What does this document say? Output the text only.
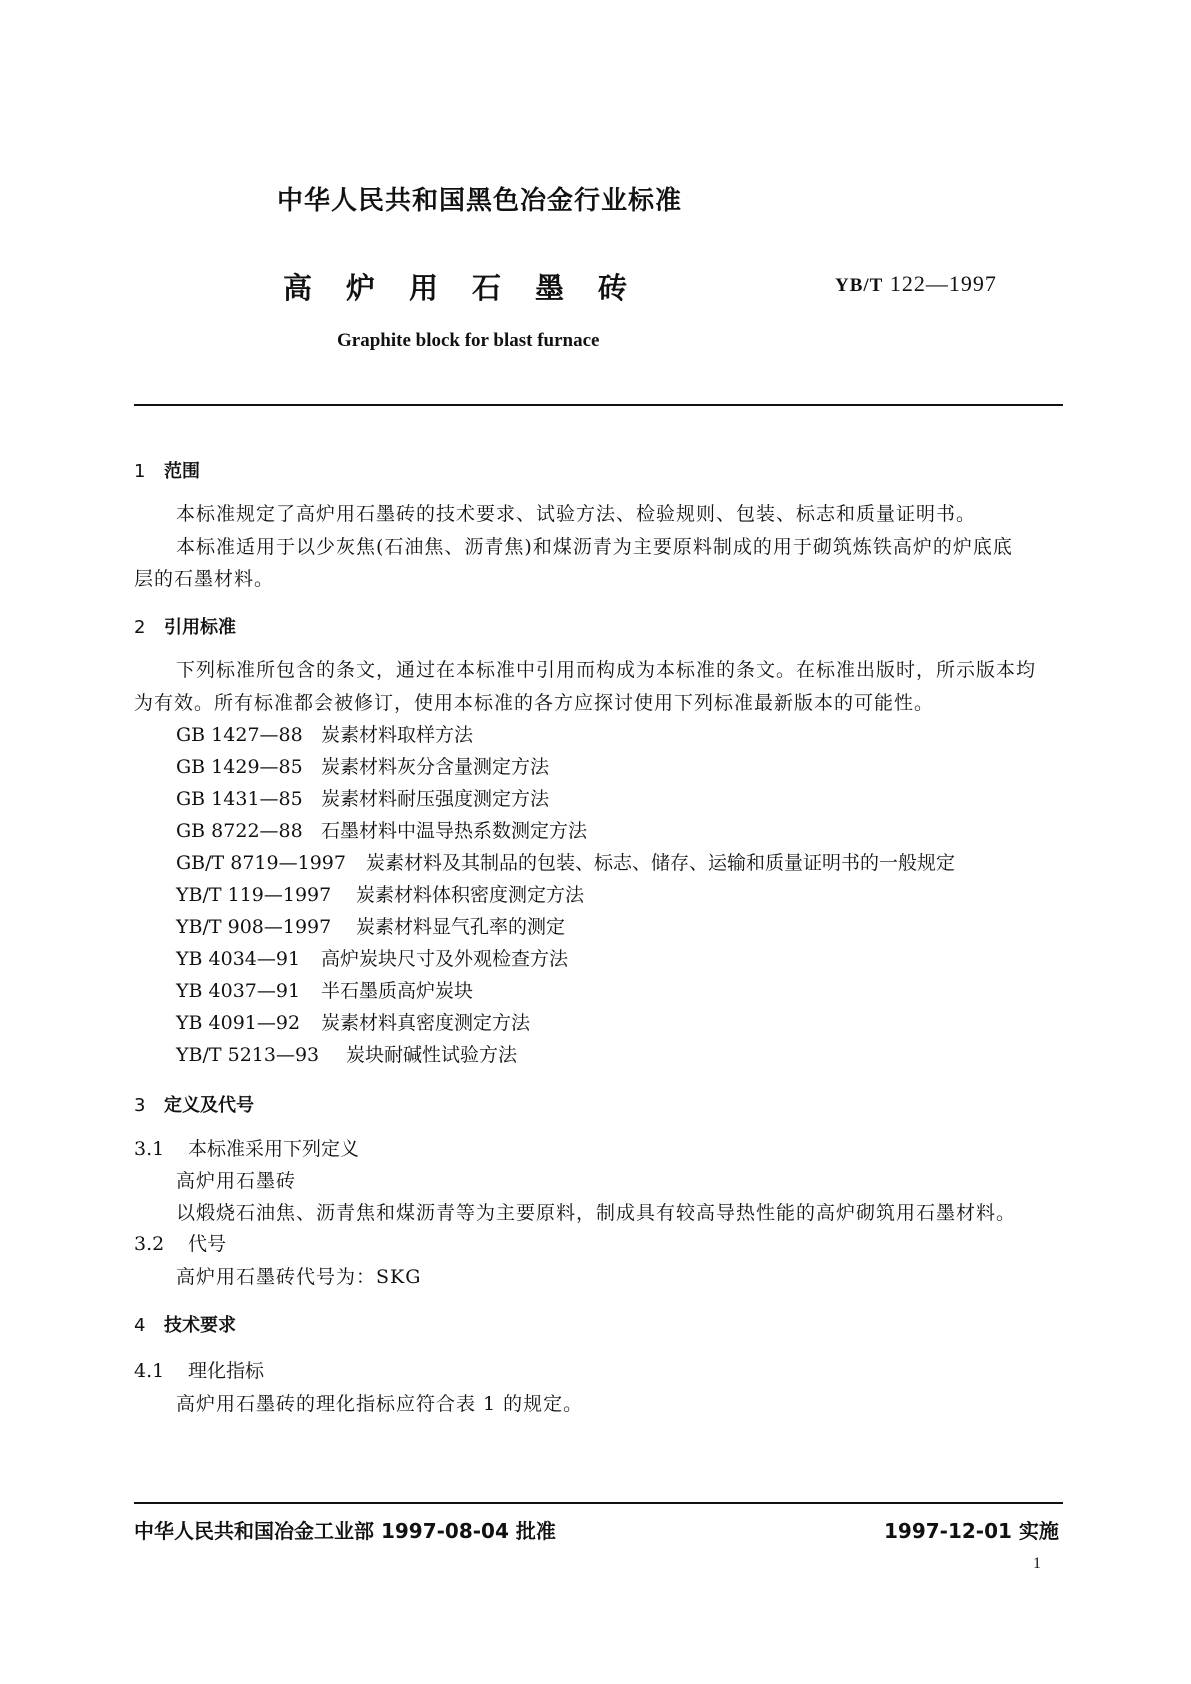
中华人民共和国黑色冶金行业标准
高炉用石墨砖	YB/T 122—1997
Graphite block for blast furnace
1 范围
本标准规定了高炉用石墨砖的技术要求、试验方法、检验规则、包装、标志和质量证明书。
本标准适用于以少灰焦(石油焦、沥青焦)和煤沥青为主要原料制成的用于砌筑炼铁高炉的炉底底
层的石墨材料。
2 引用标准
下列标准所包含的条文，通过在本标准中引用而构成为本标准的条文。在标准出版时，所示版本均
为有效。所有标准都会被修订，使用本标准的各方应探讨使用下列标准最新版本的可能性。
GB 1427—88 炭素材料取样方法
GB 1429—85 炭素材料灰分含量测定方法
GB 1431—85 炭素材料耐压强度测定方法
GB 8722—88 石墨材料中温导热系数测定方法
GB/T 8719—1997 炭素材料及其制品的包装、标志、储存、运输和质量证明书的一般规定
YB/T 119—1997 炭素材料体积密度测定方法
YB/T 908—1997 炭素材料显气孔率的测定
YB 4034—91 高炉炭块尺寸及外观检查方法
YB 4037—91 半石墨质高炉炭块
YB 4091—92 炭素材料真密度测定方法
YB/T 5213—93 炭块耐碱性试验方法
3 定义及代号
3.1 本标准采用下列定义
高炉用石墨砖
以煅烧石油焦、沥青焦和煤沥青等为主要原料，制成具有较高导热性能的高炉砌筑用石墨材料。
3.2 代号
高炉用石墨砖代号为：SKG
4 技术要求
4.1 理化指标
高炉用石墨砖的理化指标应符合表 1 的规定。
中华人民共和国冶金工业部 1997-08-04 批准	1997-12-01 实施
1
